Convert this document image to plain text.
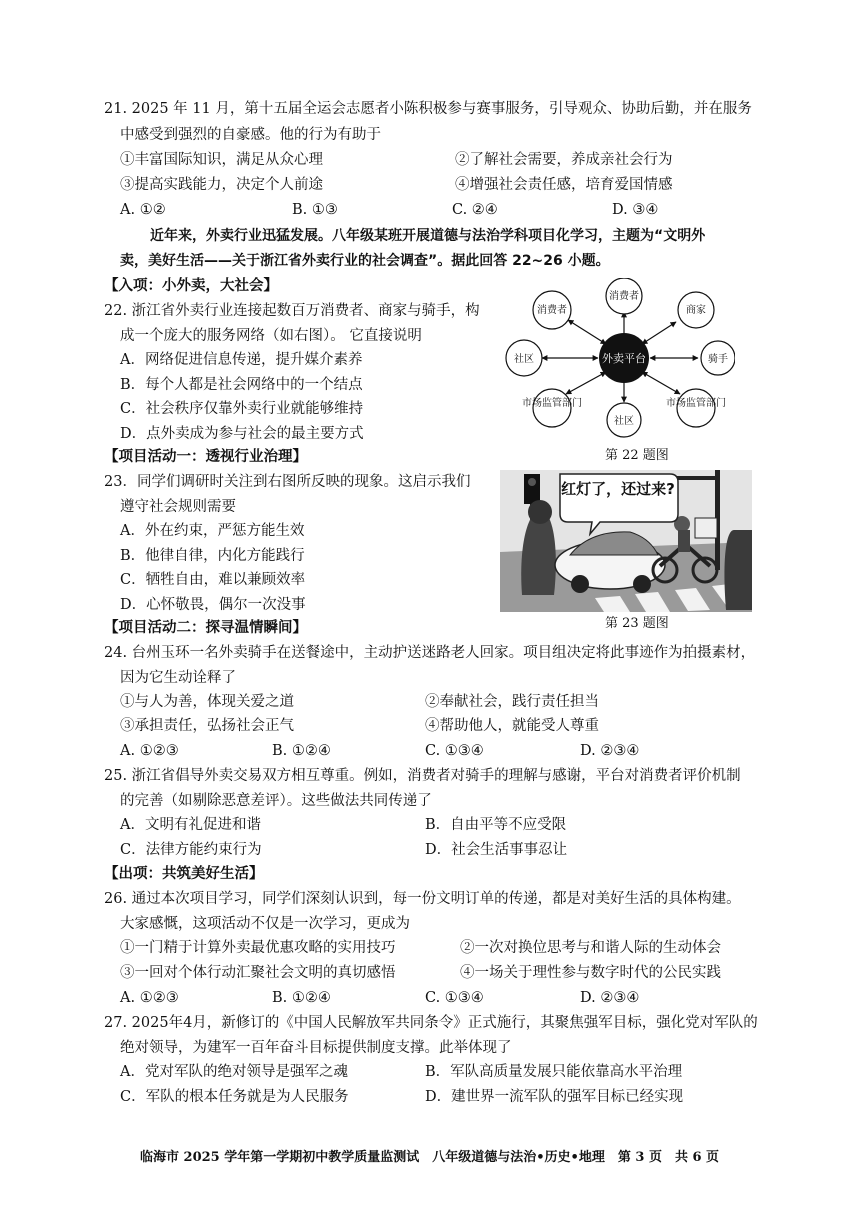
21. 2025 年 11 月，第十五届全运会志愿者小陈积极参与赛事服务，引导观众、协助后勤，并在服务
中感受到强烈的自豪感。他的行为有助于
①丰富国际知识，满足从众心理	②了解社会需要，养成亲社会行为
③提高实践能力，决定个人前途	④增强社会责任感，培育爱国情感
A. ①②	B. ①③	C. ②④	D. ③④
近年来，外卖行业迅猛发展。八年级某班开展道德与法治学科项目化学习，主题为“文明外
卖，美好生活——关于浙江省外卖行业的社会调查”。据此回答 22~26 小题。
【入项：小外卖，大社会】
22. 浙江省外卖行业连接起数百万消费者、商家与骑手，构
成一个庞大的服务网络（如右图）。 它直接说明
A．网络促进信息传递，提升媒介素养
B．每个人都是社会网络中的一个结点
C．社会秩序仅靠外卖行业就能够维持
D．点外卖成为参与社会的最主要方式
外卖平台
消费者
消费者	商家
社区	骑手
社区
市场监管部门	市场监管部门
第 22 题图
【项目活动一：透视行业治理】
23．同学们调研时关注到右图所反映的现象。这启示我们
遵守社会规则需要
A．外在约束，严惩方能生效
B．他律自律，内化方能践行
C．牺牲自由，难以兼顾效率
D．心怀敬畏，偶尔一次没事
红灯了，还过来?
第 23 题图
【项目活动二：探寻温情瞬间】
24. 台州玉环一名外卖骑手在送餐途中，主动护送迷路老人回家。项目组决定将此事迹作为拍摄素材，
因为它生动诠释了
①与人为善，体现关爱之道	②奉献社会，践行责任担当
③承担责任，弘扬社会正气	④帮助他人，就能受人尊重
A. ①②③	B. ①②④	C. ①③④	D. ②③④
25. 浙江省倡导外卖交易双方相互尊重。例如，消费者对骑手的理解与感谢，平台对消费者评价机制
的完善（如剔除恶意差评）。这些做法共同传递了
A．文明有礼促进和谐	B．自由平等不应受限
C．法律方能约束行为	D．社会生活事事忍让
【出项：共筑美好生活】
26. 通过本次项目学习，同学们深刻认识到，每一份文明订单的传递，都是对美好生活的具体构建。
大家感慨，这项活动不仅是一次学习，更成为
①一门精于计算外卖最优惠攻略的实用技巧	②一次对换位思考与和谐人际的生动体会
③一回对个体行动汇聚社会文明的真切感悟	④一场关于理性参与数字时代的公民实践
A. ①②③	B. ①②④	C. ①③④	D. ②③④
27. 2025年4月，新修订的《中国人民解放军共同条令》正式施行，其聚焦强军目标，强化党对军队的
绝对领导，为建军一百年奋斗目标提供制度支撑。此举体现了
A．党对军队的绝对领导是强军之魂	B．军队高质量发展只能依靠高水平治理
C．军队的根本任务就是为人民服务	D．建世界一流军队的强军目标已经实现
临海市 2025 学年第一学期初中教学质量监测试　八年级道德与法治•历史•地理　第 3 页　共 6 页
